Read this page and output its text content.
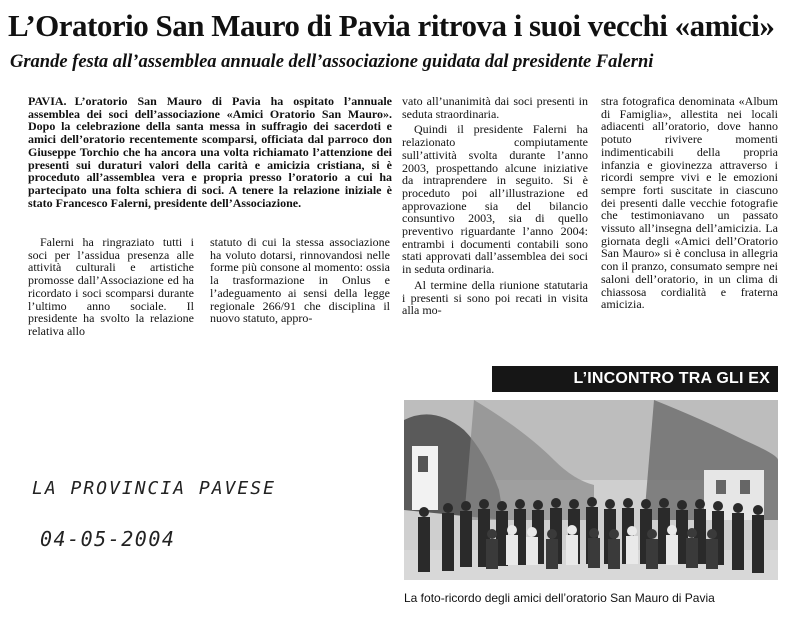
L’Oratorio San Mauro di Pavia ritrova i suoi vecchi «amici»
Grande festa all’assemblea annuale dell’associazione guidata dal presidente Falerni
PAVIA. L’oratorio San Mauro di Pavia ha ospitato l’annuale assemblea dei soci dell’associazione «Amici Oratorio San Mauro». Dopo la celebrazione della santa messa in suffragio dei sacerdoti e amici dell’oratorio recentemente scomparsi, officiata dal parroco don Giuseppe Torchio che ha ancora una volta richiamato l’attenzione dei presenti sui duraturi valori della carità e amicizia cristiana, si è proceduto all’assemblea vera e propria presso l’oratorio a cui ha partecipato una folta schiera di soci. A tenere la relazione iniziale è stato Francesco Falerni, presidente dell’Associazione.

Falerni ha ringraziato tutti i soci per l’assidua presenza alle attività culturali e artistiche promosse dall’Associazione ed ha ricordato i soci scomparsi durante l’ultimo anno sociale. Il presidente ha svolto la relazione relativa allo

statuto di cui la stessa associazione ha voluto dotarsi, rinnovandosi nelle forme più consone al momento: ossia la trasformazione in Onlus e l’adeguamento ai sensi della legge regionale 266/91 che disciplina il nuovo statuto, appro-

vato all’unanimità dai soci presenti in seduta straordinaria.

Quindi il presidente Falerni ha relazionato compiutamente sull’attività svolta durante l’anno 2003, prospettando alcune iniziative da intraprendere in seguito. Si è proceduto poi all’illustrazione ed approvazione sia del bilancio consuntivo 2003, sia di quello preventivo riguardante l’anno 2004: entrambi i documenti contabili sono stati approvati dall’assemblea dei soci in seduta ordinaria.

Al termine della riunione statutaria i presenti si sono poi recati in visita alla mo-

stra fotografica denominata «Album di Famiglia», allestita nei locali adiacenti all’oratorio, dove hanno potuto rivivere momenti indimenticabili della propria infanzia e giovinezza attraverso i ricordi sempre vivi e le emozioni sempre forti suscitate in ciascuno dei presenti dalle vecchie fotografie che testimoniavano un passato vissuto all’insegna dell’amicizia. La giornata degli «Amici dell’Oratorio San Mauro» si è conclusa in allegria con il pranzo, consumato sempre nei saloni dell’oratorio, in un clima di chiassosa cordialità e fraterna amicizia.

L’INCONTRO TRA GLI EX
La foto-ricordo degli amici dell’oratorio San Mauro di Pavia
LA PROVINCIA PAVESE
04-05-2004
